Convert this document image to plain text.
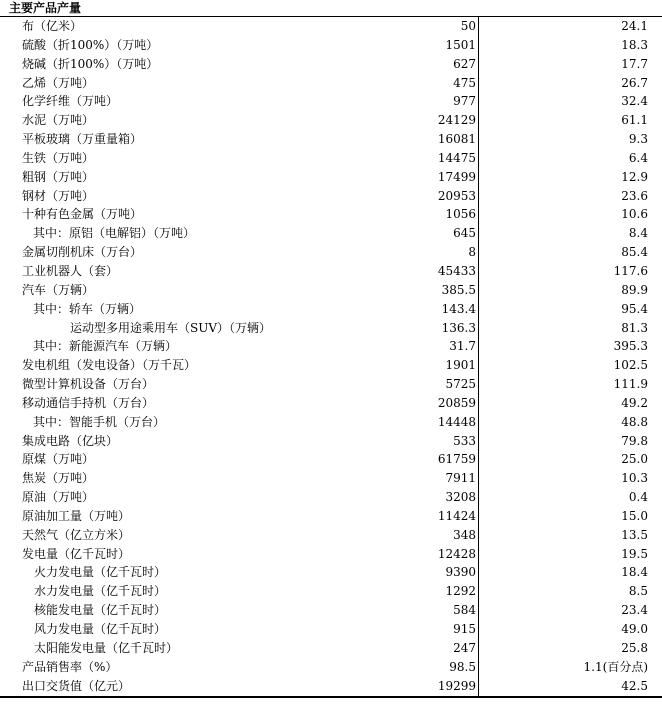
主要产品产量
布（亿米）	50	24.1
硫酸（折100%）（万吨）	1501	18.3
烧碱（折100%）（万吨）	627	17.7
乙烯（万吨）	475	26.7
化学纤维（万吨）	977	32.4
水泥（万吨）	24129	61.1
平板玻璃（万重量箱）	16081	9.3
生铁（万吨）	14475	6.4
粗钢（万吨）	17499	12.9
钢材（万吨）	20953	23.6
十种有色金属（万吨）	1056	10.6
其中：原铝（电解铝）（万吨）	645	8.4
金属切削机床（万台）	8	85.4
工业机器人（套）	45433	117.6
汽车（万辆）	385.5	89.9
其中：轿车（万辆）	143.4	95.4
运动型多用途乘用车（SUV）（万辆）	136.3	81.3
其中：新能源汽车（万辆）	31.7	395.3
发电机组（发电设备）（万千瓦）	1901	102.5
微型计算机设备（万台）	5725	111.9
移动通信手持机（万台）	20859	49.2
其中：智能手机（万台）	14448	48.8
集成电路（亿块）	533	79.8
原煤（万吨）	61759	25.0
焦炭（万吨）	7911	10.3
原油（万吨）	3208	0.4
原油加工量（万吨）	11424	15.0
天然气（亿立方米）	348	13.5
发电量（亿千瓦时）	12428	19.5
火力发电量（亿千瓦时）	9390	18.4
水力发电量（亿千瓦时）	1292	8.5
核能发电量（亿千瓦时）	584	23.4
风力发电量（亿千瓦时）	915	49.0
太阳能发电量（亿千瓦时）	247	25.8
产品销售率（%）	98.5	1.1(百分点)
出口交货值（亿元）	19299	42.5
